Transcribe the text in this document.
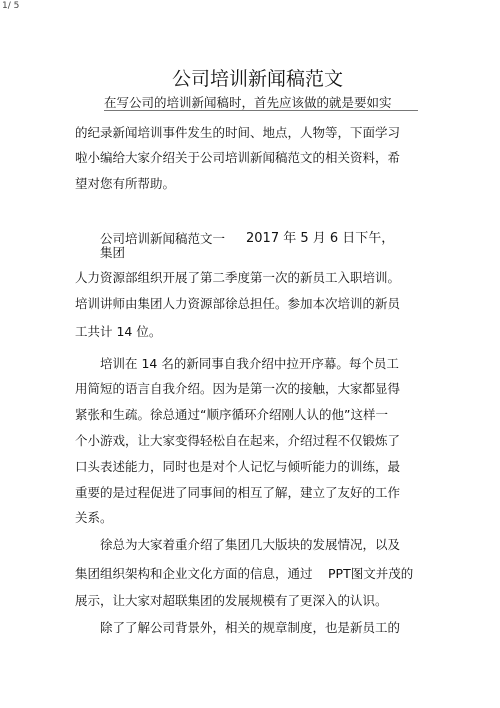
1/ 5
公司培训新闻稿范文
在写公司的培训新闻稿时，首先应该做的就是要如实
的纪录新闻培训事件发生的时间、地点，人物等，下面学习
啦小编给大家介绍关于公司培训新闻稿范文的相关资料，希
望对您有所帮助。
公司培训新闻稿范文一 2017 年 5 月 6 日下午，
集团
人力资源部组织开展了第二季度第一次的新员工入职培训。
培训讲师由集团人力资源部徐总担任。参加本次培训的新员
工共计 14 位。
培训在 14 名的新同事自我介绍中拉开序幕。每个员工
用简短的语言自我介绍。因为是第一次的接触，大家都显得
紧张和生疏。徐总通过“顺序循环介绍刚人认的他”这样一
个小游戏，让大家变得轻松自在起来，介绍过程不仅锻炼了
口头表述能力，同时也是对个人记忆与倾听能力的训练，最
重要的是过程促进了同事间的相互了解，建立了友好的工作
关系。
徐总为大家着重介绍了集团几大版块的发展情况，以及
集团组织架构和企业文化方面的信息，通过 PPT图文并茂的
展示，让大家对超联集团的发展规模有了更深入的认识。
除了了解公司背景外，相关的规章制度，也是新员工的
